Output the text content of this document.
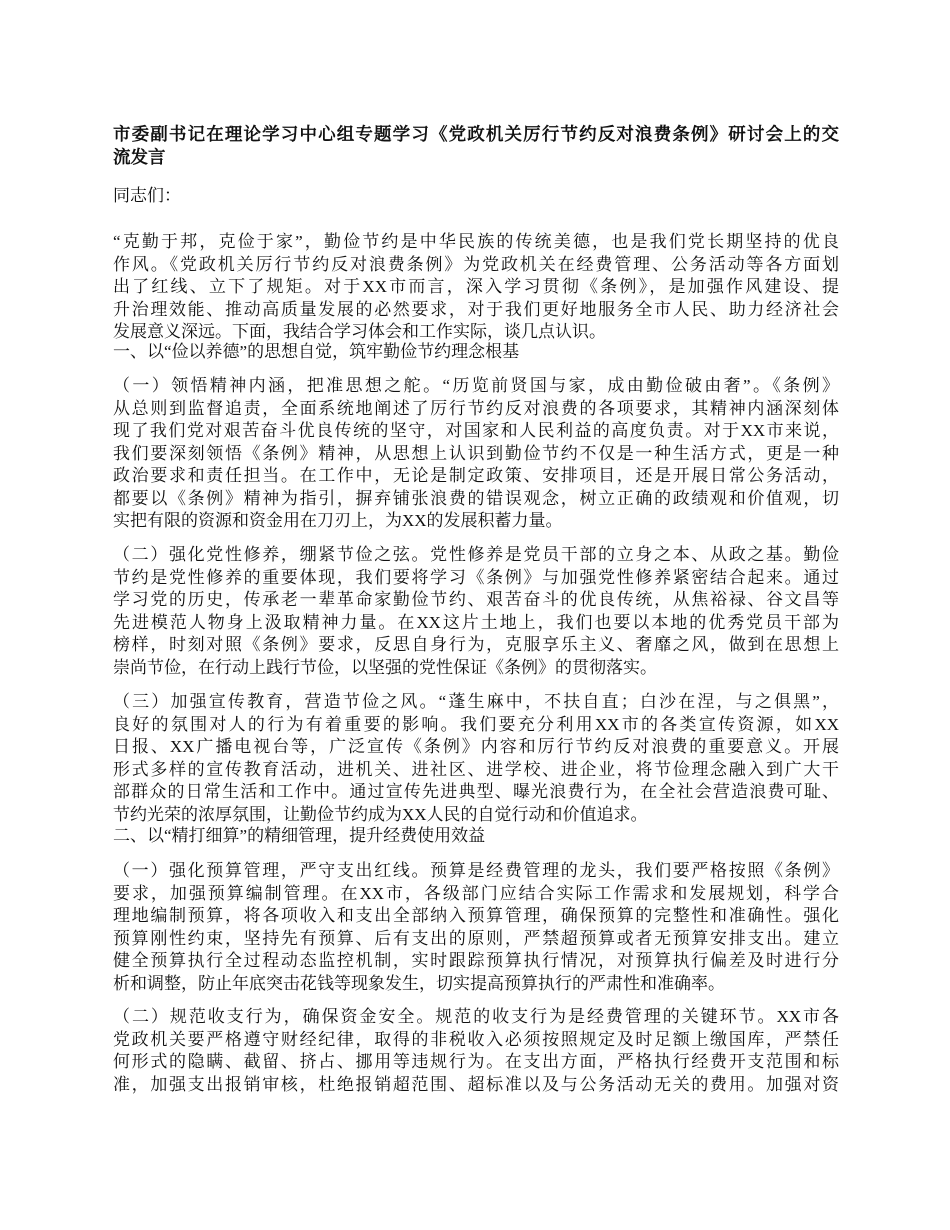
市委副书记在理论学习中心组专题学习《党政机关厉行节约反对浪费条例》研讨会上的交
流发言
同志们：
“克勤于邦，克俭于家”，勤俭节约是中华民族的传统美德，也是我们党长期坚持的优良
作风。《党政机关厉行节约反对浪费条例》为党政机关在经费管理、公务活动等各方面划
出了红线、立下了规矩。对于XX市而言，深入学习贯彻《条例》，是加强作风建设、提
升治理效能、推动高质量发展的必然要求，对于我们更好地服务全市人民、助力经济社会
发展意义深远。下面，我结合学习体会和工作实际，谈几点认识。
一、以“俭以养德”的思想自觉，筑牢勤俭节约理念根基
（一）领悟精神内涵，把准思想之舵。“历览前贤国与家，成由勤俭破由奢”。《条例》
从总则到监督追责，全面系统地阐述了厉行节约反对浪费的各项要求，其精神内涵深刻体
现了我们党对艰苦奋斗优良传统的坚守，对国家和人民利益的高度负责。对于XX市来说，
我们要深刻领悟《条例》精神，从思想上认识到勤俭节约不仅是一种生活方式，更是一种
政治要求和责任担当。在工作中，无论是制定政策、安排项目，还是开展日常公务活动，
都要以《条例》精神为指引，摒弃铺张浪费的错误观念，树立正确的政绩观和价值观，切
实把有限的资源和资金用在刀刃上，为XX的发展积蓄力量。
（二）强化党性修养，绷紧节俭之弦。党性修养是党员干部的立身之本、从政之基。勤俭
节约是党性修养的重要体现，我们要将学习《条例》与加强党性修养紧密结合起来。通过
学习党的历史，传承老一辈革命家勤俭节约、艰苦奋斗的优良传统，从焦裕禄、谷文昌等
先进模范人物身上汲取精神力量。在XX这片土地上，我们也要以本地的优秀党员干部为
榜样，时刻对照《条例》要求，反思自身行为，克服享乐主义、奢靡之风，做到在思想上
崇尚节俭，在行动上践行节俭，以坚强的党性保证《条例》的贯彻落实。
（三）加强宣传教育，营造节俭之风。“蓬生麻中，不扶自直；白沙在涅，与之俱黑”，
良好的氛围对人的行为有着重要的影响。我们要充分利用XX市的各类宣传资源，如XX
日报、XX广播电视台等，广泛宣传《条例》内容和厉行节约反对浪费的重要意义。开展
形式多样的宣传教育活动，进机关、进社区、进学校、进企业，将节俭理念融入到广大干
部群众的日常生活和工作中。通过宣传先进典型、曝光浪费行为，在全社会营造浪费可耻、
节约光荣的浓厚氛围，让勤俭节约成为XX人民的自觉行动和价值追求。
二、以“精打细算”的精细管理，提升经费使用效益
（一）强化预算管理，严守支出红线。预算是经费管理的龙头，我们要严格按照《条例》
要求，加强预算编制管理。在XX市，各级部门应结合实际工作需求和发展规划，科学合
理地编制预算，将各项收入和支出全部纳入预算管理，确保预算的完整性和准确性。强化
预算刚性约束，坚持先有预算、后有支出的原则，严禁超预算或者无预算安排支出。建立
健全预算执行全过程动态监控机制，实时跟踪预算执行情况，对预算执行偏差及时进行分
析和调整，防止年底突击花钱等现象发生，切实提高预算执行的严肃性和准确率。
（二）规范收支行为，确保资金安全。规范的收支行为是经费管理的关键环节。XX市各
党政机关要严格遵守财经纪律，取得的非税收入必须按照规定及时足额上缴国库，严禁任
何形式的隐瞒、截留、挤占、挪用等违规行为。在支出方面，严格执行经费开支范围和标
准，加强支出报销审核，杜绝报销超范围、超标准以及与公务活动无关的费用。加强对资
